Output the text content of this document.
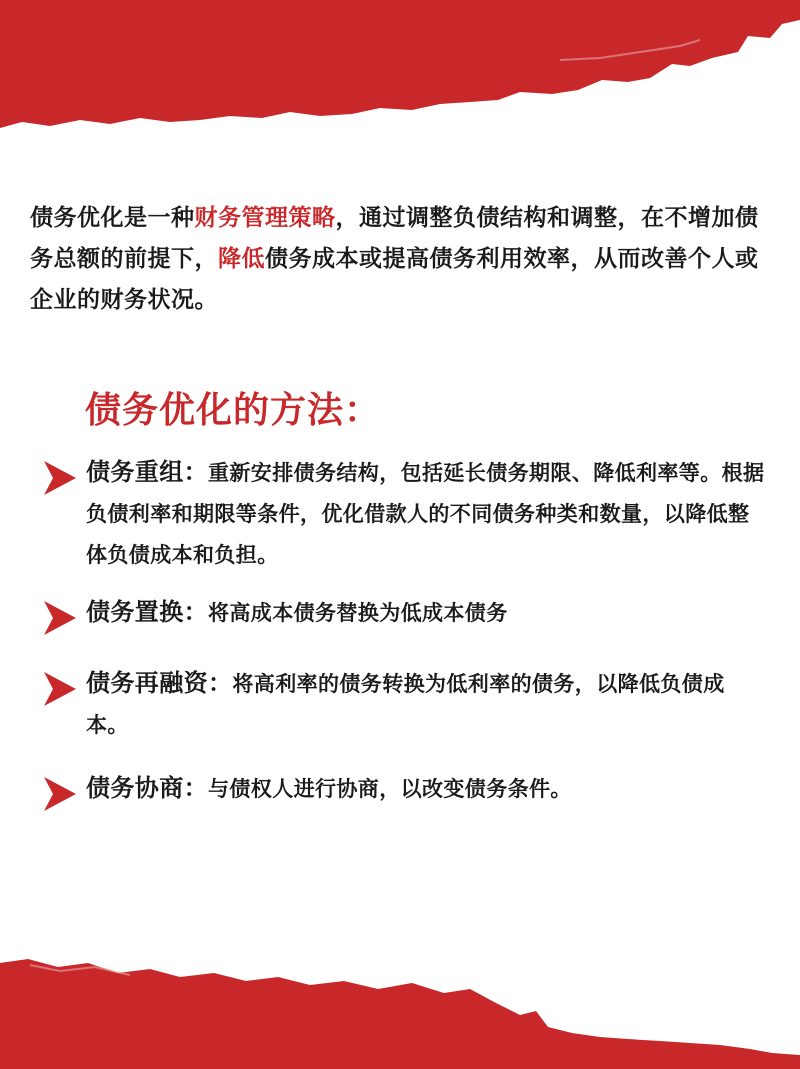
债务优化是一种财务管理策略，通过调整负债结构和调整，在不增加债务总额的前提下，降低债务成本或提高债务利用效率，从而改善个人或企业的财务状况。
债务优化的方法：
债务重组：重新安排债务结构，包括延长债务期限、降低利率等。根据负债利率和期限等条件，优化借款人的不同债务种类和数量，以降低整体负债成本和负担。
债务置换：将高成本债务替换为低成本债务
债务再融资：将高利率的债务转换为低利率的债务，以降低负债成本。
债务协商：与债权人进行协商，以改变债务条件。
